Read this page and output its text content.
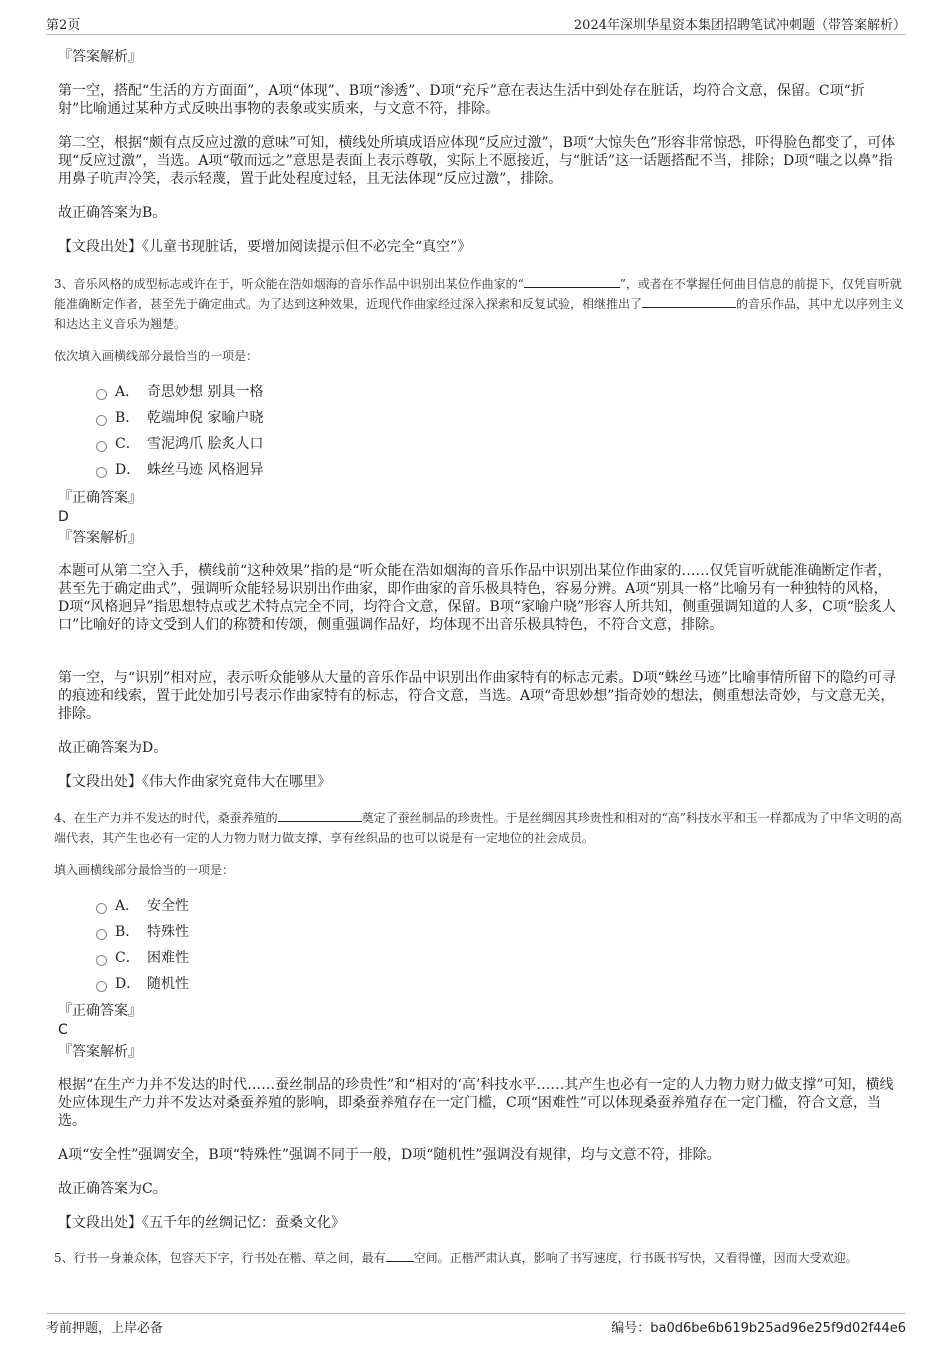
第2页	2024年深圳华星资本集团招聘笔试冲刺题（带答案解析）
『答案解析』

第一空，搭配“生活的方方面面”，A项“体现”、B项“渗透”、D项“充斥”意在表达生活中到处存在脏话，均符合文意，保留。C项“折射”比喻通过某种方式反映出事物的表象或实质来，与文意不符，排除。

第二空，根据“颇有点反应过激的意味”可知，横线处所填成语应体现“反应过激”，B项“大惊失色”形容非常惊恐，吓得脸色都变了，可体现“反应过激”，当选。A项“敬而远之”意思是表面上表示尊敬，实际上不愿接近，与“脏话”这一话题搭配不当，排除；D项“嗤之以鼻”指用鼻子吭声冷笑，表示轻蔑，置于此处程度过轻，且无法体现“反应过激”，排除。

故正确答案为B。
【文段出处】《儿童书现脏话，要增加阅读提示但不必完全“真空”》

3、音乐风格的成型标志或许在于，听众能在浩如烟海的音乐作品中识别出某位作曲家的“	”，或者在不掌握任何曲目信息的前提下，仅凭盲听就能准确断定作者，甚至先于确定曲式。为了达到这种效果，近现代作曲家经过深入探索和反复试验，相继推出了	的音乐作品，其中尤以序列主义和达达主义音乐为翘楚。

依次填入画横线部分最恰当的一项是：
A． 奇思妙想 别具一格
B． 乾端坤倪 家喻户晓
C． 雪泥鸿爪 脍炙人口
D． 蛛丝马迹 风格迥异
『正确答案』
D
『答案解析』

本题可从第二空入手，横线前“这种效果”指的是“听众能在浩如烟海的音乐作品中识别出某位作曲家的……仅凭盲听就能准确断定作者，甚至先于确定曲式”，强调听众能轻易识别出作曲家，即作曲家的音乐极具特色，容易分辨。A项“别具一格”比喻另有一种独特的风格，D项“风格迥异”指思想特点或艺术特点完全不同，均符合文意，保留。B项“家喻户晓”形容人所共知，侧重强调知道的人多，C项“脍炙人口”比喻好的诗文受到人们的称赞和传颂，侧重强调作品好，均体现不出音乐极具特色，不符合文意，排除。

第一空，与“识别”相对应，表示听众能够从大量的音乐作品中识别出作曲家特有的标志元素。D项“蛛丝马迹”比喻事情所留下的隐约可寻的痕迹和线索，置于此处加引号表示作曲家特有的标志，符合文意，当选。A项“奇思妙想”指奇妙的想法，侧重想法奇妙，与文意无关，排除。

故正确答案为D。
【文段出处】《伟大作曲家究竟伟大在哪里》

4、在生产力并不发达的时代，桑蚕养殖的	奠定了蚕丝制品的珍贵性。于是丝绸因其珍贵性和相对的“高”科技水平和玉一样都成为了中华文明的高端代表，其产生也必有一定的人力物力财力做支撑，享有丝织品的也可以说是有一定地位的社会成员。

填入画横线部分最恰当的一项是：
A． 安全性
B． 特殊性
C． 困难性
D． 随机性
『正确答案』
C
『答案解析』

根据“在生产力并不发达的时代……蚕丝制品的珍贵性”和“相对的‘高’科技水平……其产生也必有一定的人力物力财力做支撑”可知，横线处应体现生产力并不发达对桑蚕养殖的影响，即桑蚕养殖存在一定门槛，C项“困难性”可以体现桑蚕养殖存在一定门槛，符合文意，当选。

A项“安全性”强调安全，B项“特殊性”强调不同于一般，D项“随机性”强调没有规律，均与文意不符，排除。

故正确答案为C。
【文段出处】《五千年的丝绸记忆：蚕桑文化》

5、行书一身兼众体，包容天下字，行书处在楷、草之间，最有 空间。正楷严肃认真，影响了书写速度，行书既书写快，又看得懂，因而大受欢迎。

考前押题，上岸必备	编号：ba0d6be6b619b25ad96e25f9d02f44e6
